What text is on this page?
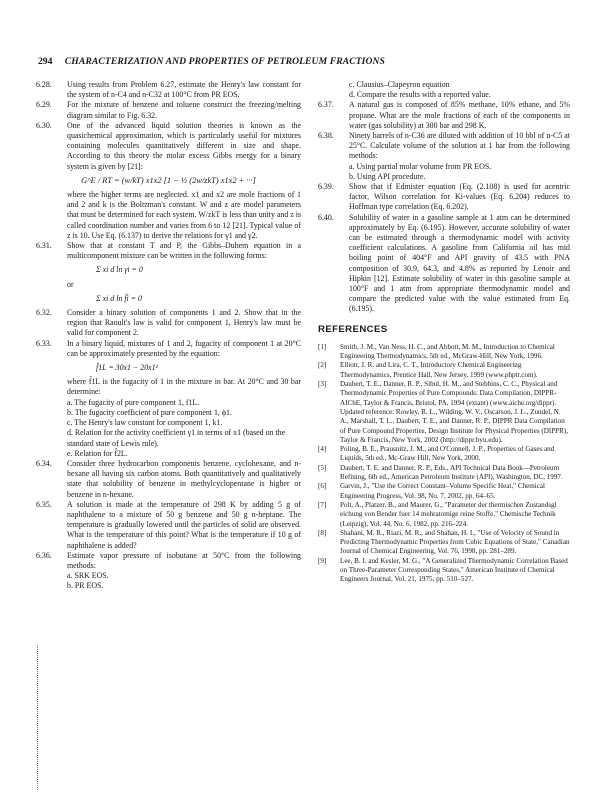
294 CHARACTERIZATION AND PROPERTIES OF PETROLEUM FRACTIONS
6.28. Using results from Problem 6.27, estimate the Henry's law constant for the system of n-C4 and n-C32 at 100°C from PR EOS.
6.29. For the mixture of benzene and toluene construct the freezing/melting diagram similar to Fig. 6.32.
6.30. One of the advanced liquid solution theories is known as the quasichemical approximation, which is particularly useful for mixtures containing molecules quantitatively different in size and shape. According to this theory the molar excess Gibbs energy for a binary system is given by [21]:
G^E / RT = (w/kT) x1x2 [1 − ½ (2w/zkT) x1x2 + ···]
where the higher terms are neglected. x1 and x2 are mole fractions of 1 and 2 and k is the Boltzman's constant. W and z are model parameters that must be determined for each system. W/zkT is less than unity and z is called coordination number and varies from 6 to 12 [21]. Typical value of z is 10. Use Eq. (6.137) to derive the relations for γ1 and γ2.
6.31. Show that at constant T and P, the Gibbs–Duhem equation in a multicomponent mixture can be written in the following forms:
Σ xi d ln γi = 0
or
Σ xi d ln f̂i = 0
6.32. Consider a binary solution of components 1 and 2. Show that in the region that Raoult's law is valid for component 1, Henry's law must be valid for component 2.
6.33. In a binary liquid, mixtures of 1 and 2, fugacity of component 1 at 20°C can be approximately presented by the equation:
f̂1L = 30x1 − 20x1²
where f̂1L is the fugacity of 1 in the mixture in bar. At 20°C and 30 bar determine:
a. The fugacity of pure component 1, f1L.
b. The fugacity coefficient of pure component 1, ϕ1.
c. The Henry's law constant for component 1, k1.
d. Relation for the activity coefficient γ1 in terms of x1 (based on the standard state of Lewis rule).
e. Relation for f̂2L.
6.34. Consider three hydrocarbon components benzene, cyclohexane, and n-hexane all having six carbon atoms. Both quantitatively and qualitatively state that solubility of benzene in methylcyclopentane is higher or benzene in n-hexane.
6.35. A solution is made at the temperature of 298 K by adding 5 g of naphthalene to a mixture of 50 g benzene and 50 g n-heptane. The temperature is gradually lowered until the particles of solid are observed. What is the temperature of this point? What is the temperature if 10 g of naphthalene is added?
6.36. Estimate vapor pressure of isobutane at 50°C from the following methods:
a. SRK EOS.
b. PR EOS.
c. Clausius–Clapeyron equation
d. Compare the results with a reported value.
6.37. A natural gas is composed of 85% methane, 10% ethane, and 5% propane. What are the mole fractions of each of the components in water (gas solubility) at 300 bar and 298 K.
6.38. Ninety barrels of n-C36 are diluted with addition of 10 bbl of n-C5 at 25°C. Calculate volume of the solution at 1 bar from the following methods:
a. Using partial molar volume from PR EOS.
b. Using API procedure.
6.39. Show that if Edmister equation (Eq. (2.108) is used for acentric factor, Wilson correlation for Ki-values (Eq. 6.204) reduces to Hoffman type correlation (Eq. 6.202).
6.40. Solubility of water in a gasoline sample at 1 atm can be determined approximately by Eq. (6.195). However, accurate solubility of water can be estimated through a thermodynamic model with activity coefficient calculations. A gasoline from California oil has mid boiling point of 404°F and API gravity of 43.5 with PNA composition of 30.9, 64.3, and 4.8% as reported by Lenoir and Hipkin [12]. Estimate solubility of water in this gasoline sample at 100°F and 1 atm from appropriate thermodynamic model and compare the predicted value with the value estimated from Eq. (6.195).
REFERENCES
[1] Smith, J. M., Van Ness, H. C., and Abbott, M. M., Introduction to Chemical Engineering Thermodynamics, 5th ed., McGraw-Hill, New York, 1996.
[2] Elliott, J. R. and Lira, C. T., Introductory Chemical Engineering Thermodynamics, Prentice Hall, New Jersey, 1999 (www.phptr.com).
[3] Daubert, T. E., Danner, R. P., Sibul, H. M., and Stebbins, C. C., Physical and Thermodynamic Properties of Pure Compounds: Data Compilation, DIPPR-AIChE, Taylor & Francis, Bristol, PA, 1994 (extant) (www.aiche.org/dippr). Updated reference: Rowley, R. L., Wilding, W. V., Oscarson, J. L., Zundel, N. A., Marshall, T. L., Daubert, T. E., and Danner, R. P., DIPPR Data Compilation of Pure Compound Properties, Design Institute for Physical Properties (DIPPR), Taylor & Francis, New York, 2002 (http://dippr.byu.edu).
[4] Poling, B. E., Prausnitz, J. M., and O'Connell, J. P., Properties of Gases and Liquids, 5th ed., Mc-Graw Hill, New York, 2000.
[5] Daubert, T. E. and Danner, R. P., Eds., API Technical Data Book—Petroleum Refining, 6th ed., American Petroleum Institute (API), Washington, DC, 1997.
[6] Garvin, J., "Use the Correct Constant–Volume Specific Heat," Chemical Engineering Progress, Vol. 98, No. 7, 2002, pp. 64–65.
[7] Polt, A., Platzer, B., and Maurer, G., "Parameter der thermischen Zustandsgl eichung von Bender fuer 14 mehratomige reine Stoffe," Chemische Technik (Leipzig), Vol. 44, No. 6, 1982, pp. 216–224.
[8] Shahani, M. R., Riazi, M. R., and Shahan, H. I., "Use of Velocity of Sound in Predicting Thermodynamic Properties from Cubic Equations of State," Canadian Journal of Chemical Engineering, Vol. 76, 1998, pp. 281–289.
[9] Lee, B. I. and Kesler, M. G., "A Generalized Thermodynamic Correlation Based on Three-Parameter Corresponding States," American Institute of Chemical Engineers Journal, Vol. 21, 1975, pp. 510–527.
